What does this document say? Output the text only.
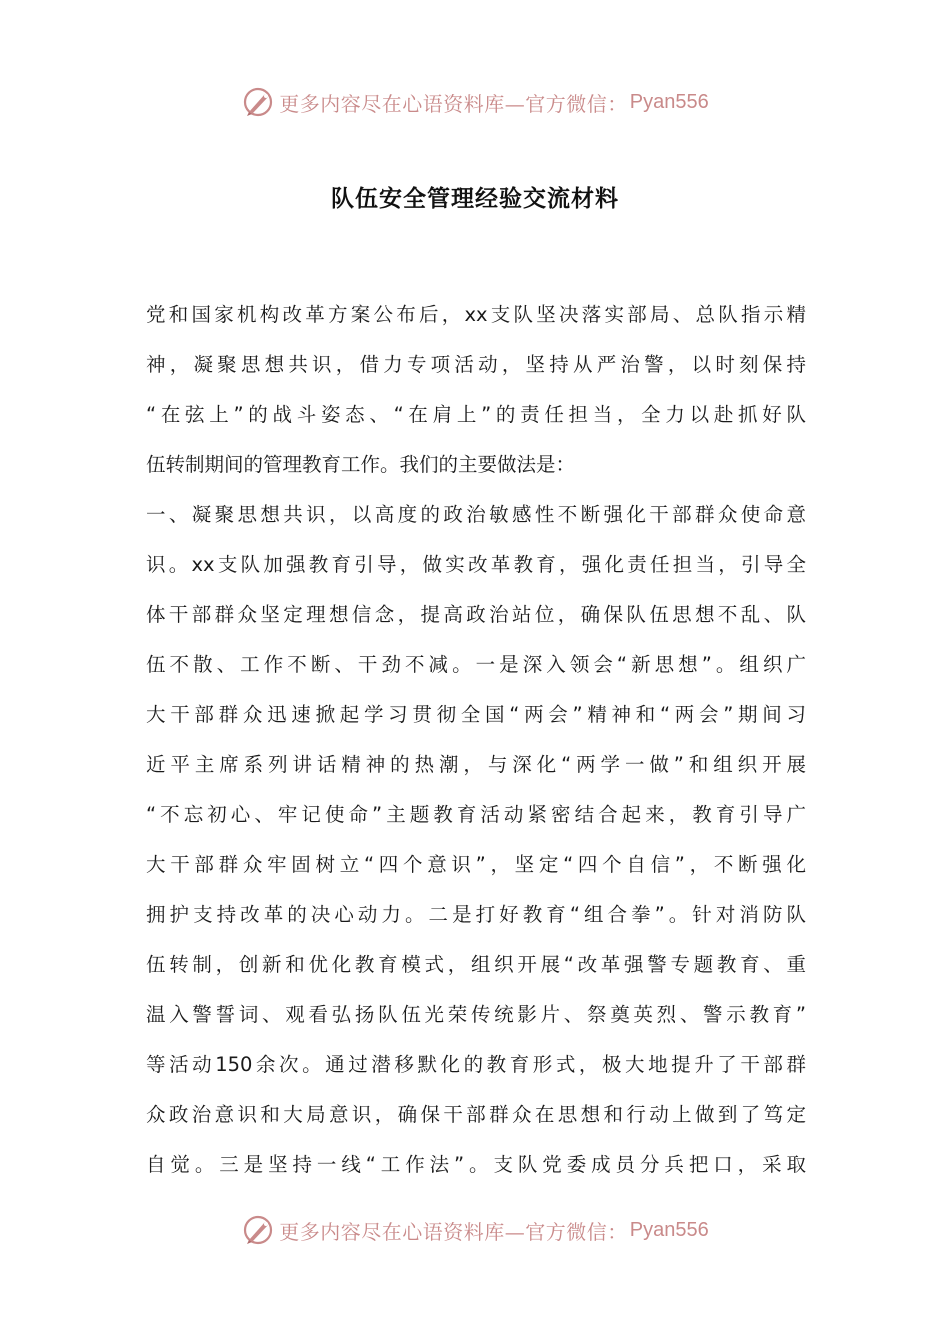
更多内容尽在心语资料库—官方微信： Pyan556
队伍安全管理经验交流材料
党和国家机构改革方案公布后，xx支队坚决落实部局、总队指示精
神，凝聚思想共识，借力专项活动，坚持从严治警，以时刻保持
“在弦上”的战斗姿态、“在肩上”的责任担当，全力以赴抓好队
伍转制期间的管理教育工作。我们的主要做法是：
一、凝聚思想共识，以高度的政治敏感性不断强化干部群众使命意
识。xx支队加强教育引导，做实改革教育，强化责任担当，引导全
体干部群众坚定理想信念，提高政治站位，确保队伍思想不乱、队
伍不散、工作不断、干劲不减。一是深入领会“新思想”。组织广
大干部群众迅速掀起学习贯彻全国“两会”精神和“两会”期间习
近平主席系列讲话精神的热潮，与深化“两学一做”和组织开展
“不忘初心、牢记使命”主题教育活动紧密结合起来，教育引导广
大干部群众牢固树立“四个意识”，坚定“四个自信”，不断强化
拥护支持改革的决心动力。二是打好教育“组合拳”。针对消防队
伍转制，创新和优化教育模式，组织开展“改革强警专题教育、重
温入警誓词、观看弘扬队伍光荣传统影片、祭奠英烈、警示教育”
等活动150余次。通过潜移默化的教育形式，极大地提升了干部群
众政治意识和大局意识，确保干部群众在思想和行动上做到了笃定
自觉。三是坚持一线“工作法”。支队党委成员分兵把口，采取
更多内容尽在心语资料库—官方微信： Pyan556
